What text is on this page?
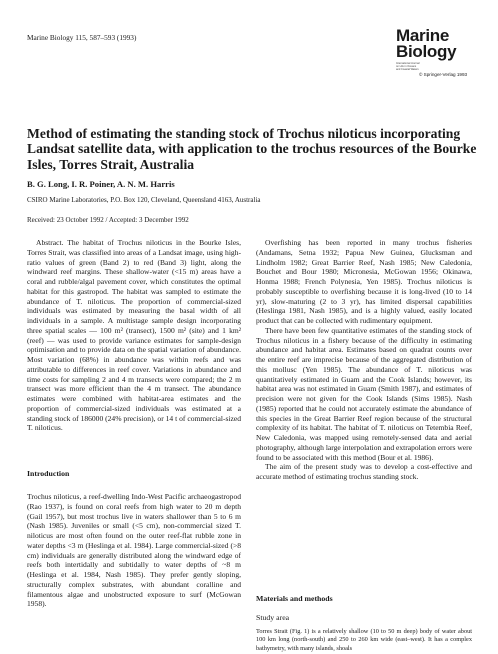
Marine Biology 115, 587–593 (1993)	Marine
Biology
International Journal on Life in Oceans and Coastal Waters
© Springer-Verlag 1993
Method of estimating the standing stock of Trochus niloticus incorporating Landsat satellite data, with application to the trochus resources of the Bourke Isles, Torres Strait, Australia
B. G. Long, I. R. Poiner, A. N. M. Harris
CSIRO Marine Laboratories, P.O. Box 120, Cleveland, Queensland 4163, Australia
Received: 23 October 1992 / Accepted: 3 December 1992

Abstract. The habitat of Trochus niloticus in the Bourke Isles, Torres Strait, was classified into areas of a Landsat image, using high-ratio values of green (Band 2) to red (Band 3) light, along the windward reef margins. These shallow-water (<15 m) areas have a coral and rubble/algal pavement cover, which constitutes the optimal habitat for this gastropod. The habitat was sampled to estimate the abundance of T. niloticus. The proportion of commercial-sized individuals was estimated by measuring the basal width of all individuals in a sample. A multistage sample design incorporating three spatial scales — 100 m² (transect), 1500 m² (site) and 1 km² (reef) — was used to provide variance estimates for sample-design optimisation and to provide data on the spatial variation of abundance. Most variation (68%) in abundance was within reefs and was attributable to differences in reef cover. Variations in abundance and time costs for sampling 2 and 4 m transects were compared; the 2 m transect was more efficient than the 4 m transect. The abundance estimates were combined with habitat-area estimates and the proportion of commercial-sized individuals was estimated at a standing stock of 186000 (24% precision), or 14 t of commercial-sized T. niloticus.

Introduction

Trochus niloticus, a reef-dwelling Indo-West Pacific archaeogastropod (Rao 1937), is found on coral reefs from high water to 20 m depth (Gail 1957), but most trochus live in waters shallower than 5 to 6 m (Nash 1985). Juveniles or small (<5 cm), non-commercial sized T. niloticus are most often found on the outer reef-flat rubble zone in water depths <3 m (Heslinga et al. 1984). Large commercial-sized (>8 cm) individuals are generally distributed along the windward edge of reefs both intertidally and subtidally to water depths of ~8 m (Heslinga et al. 1984, Nash 1985). They prefer gently sloping, structurally complex substrates, with abundant coralline and filamentous algae and unobstructed exposure to surf (McGowan 1958).

Overfishing has been reported in many trochus fisheries (Andamans, Setna 1932; Papua New Guinea, Glucksman and Lindholm 1982; Great Barrier Reef, Nash 1985; New Caledonia, Bouchet and Bour 1980; Micronesia, McGowan 1956; Okinawa, Honma 1988; French Polynesia, Yen 1985). Trochus niloticus is probably susceptible to overfishing because it is long-lived (10 to 14 yr), slow-maturing (2 to 3 yr), has limited dispersal capabilities (Heslinga 1981, Nash 1985), and is a highly valued, easily located product that can be collected with rudimentary equipment.

There have been few quantitative estimates of the standing stock of Trochus niloticus in a fishery because of the difficulty in estimating abundance and habitat area. Estimates based on quadrat counts over the entire reef are imprecise because of the aggregated distribution of this mollusc (Yen 1985). The abundance of T. niloticus was quantitatively estimated in Guam and the Cook Islands; however, its habitat area was not estimated in Guam (Smith 1987), and estimates of precision were not given for the Cook Islands (Sims 1985). Nash (1985) reported that he could not accurately estimate the abundance of this species in the Great Barrier Reef region because of the structural complexity of its habitat. The habitat of T. niloticus on Tetembia Reef, New Caledonia, was mapped using remotely-sensed data and aerial photography, although large interpolation and extrapolation errors were found to be associated with this method (Bour et al. 1986).

The aim of the present study was to develop a cost-effective and accurate method of estimating trochus standing stock.

Materials and methods
Study area

Torres Strait (Fig. 1) is a relatively shallow (10 to 50 m deep) body of water about 100 km long (north-south) and 250 to 260 km wide (east–west). It has a complex bathymetry, with many islands, shoals
